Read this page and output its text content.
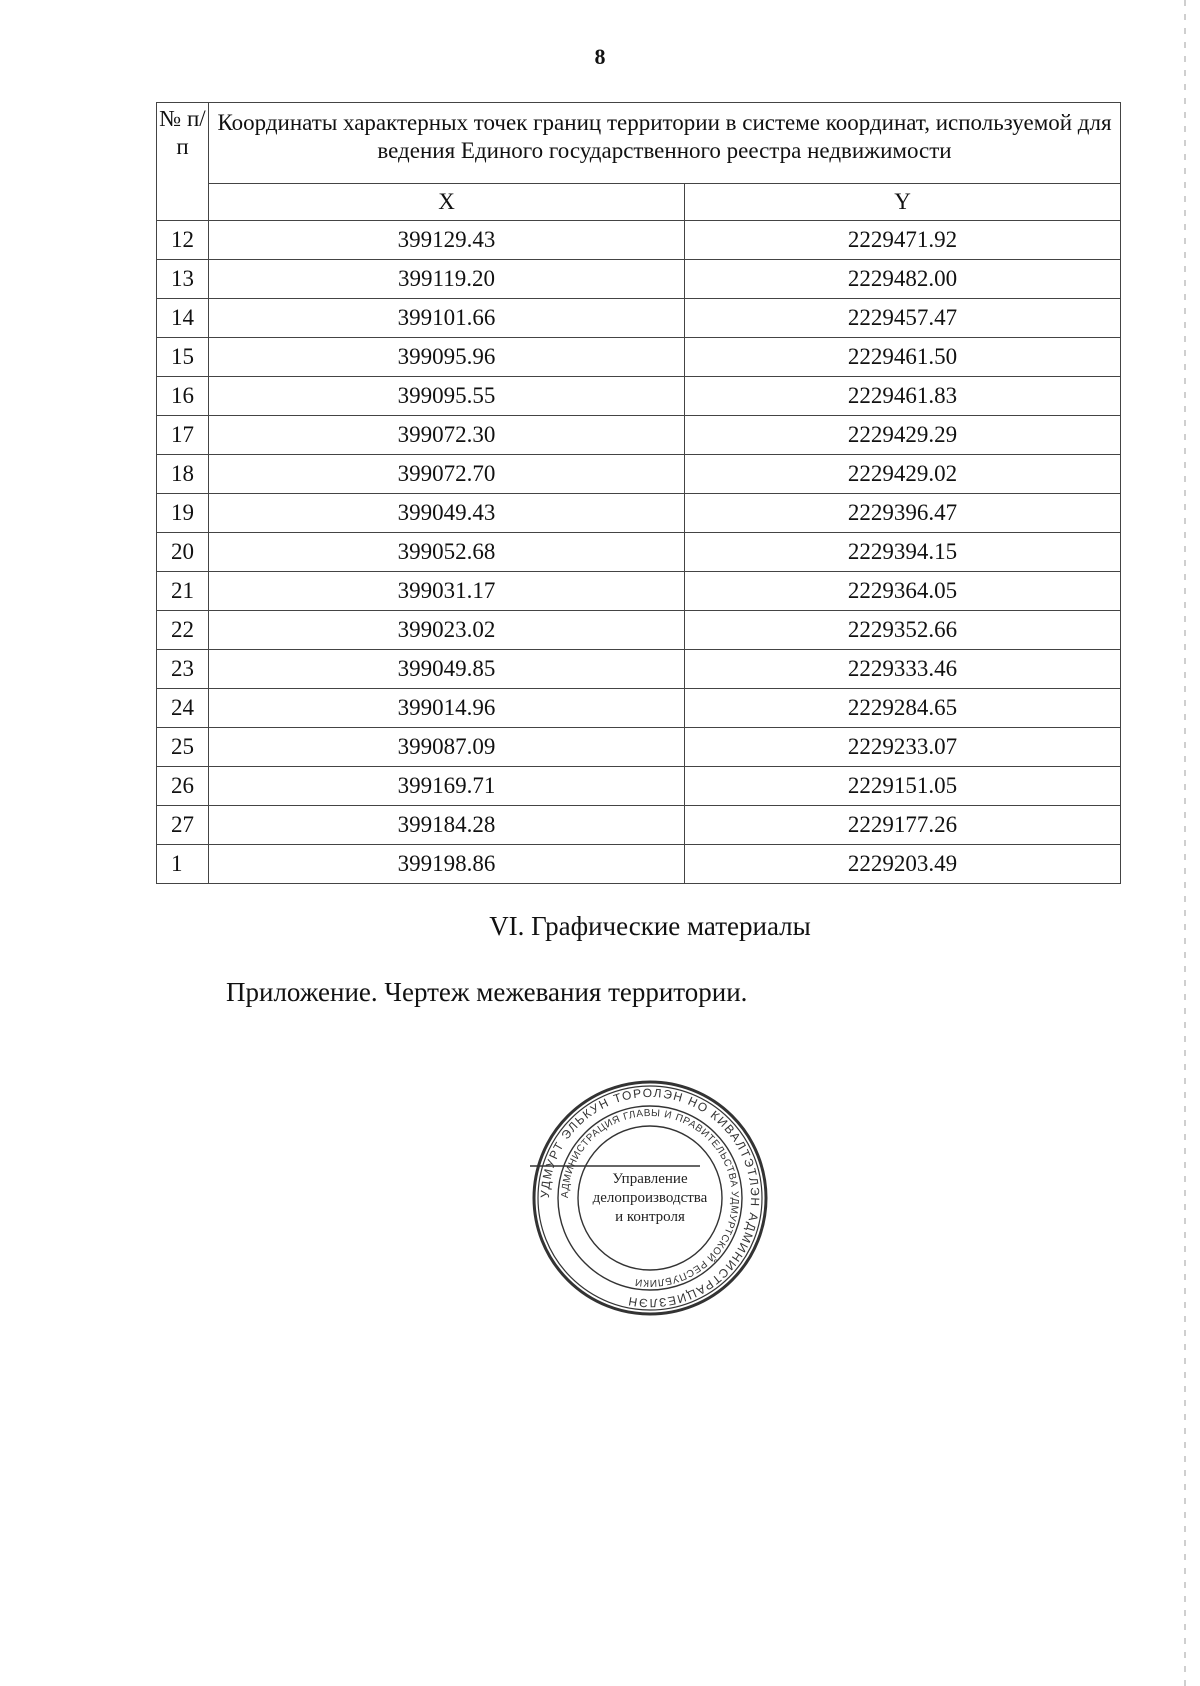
8
№ п/п	Координаты характерных точек границ территории в системе координат, используемой для ведения Единого государственного реестра недвижимости	
	X	Y
12	399129.43	2229471.92
13	399119.20	2229482.00
14	399101.66	2229457.47
15	399095.96	2229461.50
16	399095.55	2229461.83
17	399072.30	2229429.29
18	399072.70	2229429.02
19	399049.43	2229396.47
20	399052.68	2229394.15
21	399031.17	2229364.05
22	399023.02	2229352.66
23	399049.85	2229333.46
24	399014.96	2229284.65
25	399087.09	2229233.07
26	399169.71	2229151.05
27	399184.28	2229177.26
1	399198.86	2229203.49
VI. Графические материалы
Приложение. Чертеж межевания территории.
УДМУРТ ЭЛЬКУН ТОРОЛЭН НО КИВАЛТЭТЛЭН АДМИНИСТРАЦИЕЗЛЭН
АДМИНИСТРАЦИЯ ГЛАВЫ И ПРАВИТЕЛЬСТВА УДМУРТСКОЙ РЕСПУБЛИКИ
Управление
делопроизводства
и контроля
